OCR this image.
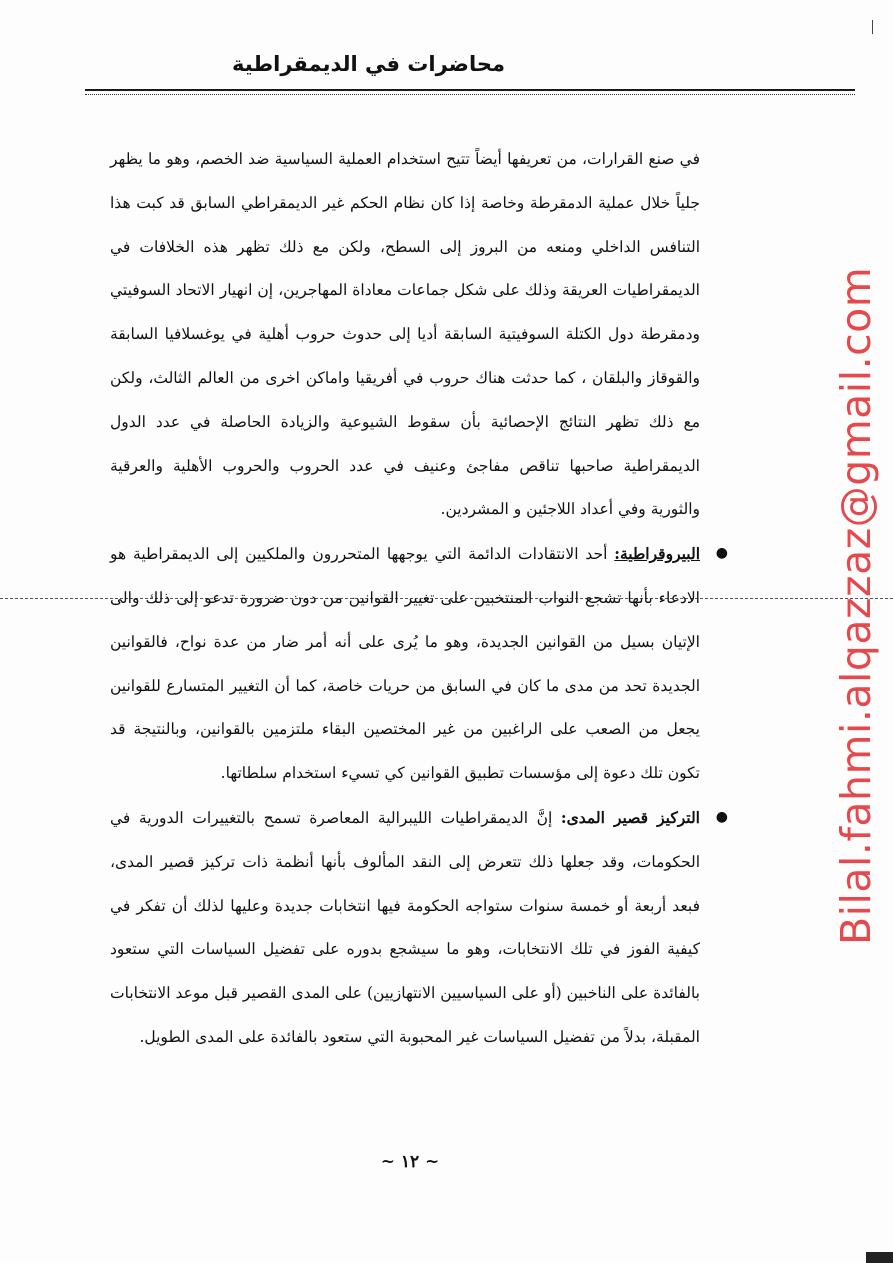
محاضرات في الديمقراطية

في صنع القرارات، من تعريفها أيضاً تتيح استخدام العملية السياسية ضد الخصم، وهو ما يظهر جلياً خلال عملية الدمقرطة وخاصة إذا كان نظام الحكم غير الديمقراطي السابق قد كبت هذا التنافس الداخلي ومنعه من البروز إلى السطح، ولكن مع ذلك تظهر هذه الخلافات في الديمقراطيات العريقة وذلك على شكل جماعات معاداة المهاجرين، إن انهيار الاتحاد السوفيتي ودمقرطة دول الكتلة السوفيتية السابقة أديا إلى حدوث حروب أهلية في يوغسلافيا السابقة والقوقاز والبلقان ، كما حدثت هناك حروب في أفريقيا واماكن اخرى من العالم الثالث، ولكن مع ذلك تظهر النتائج الإحصائية بأن سقوط الشيوعية والزيادة الحاصلة في عدد الدول الديمقراطية صاحبها تناقص مفاجئ وعنيف في عدد الحروب والحروب الأهلية والعرقية والثورية وفي أعداد اللاجئين و المشردين.

●
البيروقراطية: أحد الانتقادات الدائمة التي يوجهها المتحررون والملكيين إلى الديمقراطية هو الادعاء بأنها تشجع النواب المنتخبين على تغيير القوانين من دون ضرورة تدعو إلى ذلك والى الإتيان بسيل من القوانين الجديدة، وهو ما يُرى على أنه أمر ضار من عدة نواح، فالقوانين الجديدة تحد من مدى ما كان في السابق من حريات خاصة، كما أن التغيير المتسارع للقوانين يجعل من الصعب على الراغبين من غير المختصين البقاء ملتزمين بالقوانين، وبالنتيجة قد تكون تلك دعوة إلى مؤسسات تطبيق القوانين كي تسيء استخدام سلطاتها.

●
التركيز قصير المدى: إنَّ الديمقراطيات الليبرالية المعاصرة تسمح بالتغييرات الدورية في الحكومات، وقد جعلها ذلك تتعرض إلى النقد المألوف بأنها أنظمة ذات تركيز قصير المدى، فبعد أربعة أو خمسة سنوات ستواجه الحكومة فيها انتخابات جديدة وعليها لذلك أن تفكر في كيفية الفوز في تلك الانتخابات، وهو ما سيشجع بدوره على تفضيل السياسات التي ستعود بالفائدة على الناخبين (أو على السياسيين الانتهازيين) على المدى القصير قبل موعد الانتخابات المقبلة، بدلاً من تفضيل السياسات غير المحبوبة التي ستعود بالفائدة على المدى الطويل.

~ ١٢ ~
Bilal.fahmi.alqazzaz@gmail.com
